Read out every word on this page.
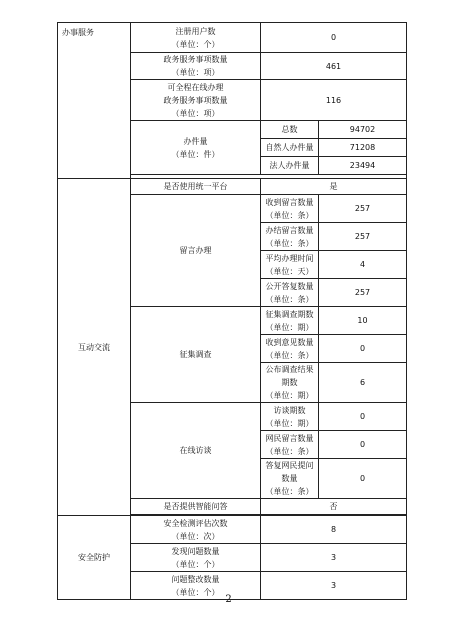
办事服务	注册用户数
（单位：个）	0	
	政务服务事项数量
（单位：项）	461	
	可全程在线办理
政务服务事项数量
（单位：项）	116	
	办件量
（单位：件）	总数	94702
		自然人办件量	71208
		法人办件量	23494

互动交流	是否使用统一平台	是	
	留言办理	收到留言数量
（单位：条）	257
		办结留言数量
（单位：条）	257
		平均办理时间
（单位：天）	4
		公开答复数量
（单位：条）	257
	征集调查	征集调查期数
（单位：期）	10
		收到意见数量
（单位：条）	0
		公布调查结果期数
（单位：期）	6
	在线访谈	访谈期数
（单位：期）	0
		网民留言数量
（单位：条）	0
		答复网民提问数量
（单位：条）	0
	是否提供智能问答	否	

安全防护	安全检测评估次数
（单位：次）	8	
	发现问题数量
（单位：个）	3	
	问题整改数量
（单位：个）	3	
2
